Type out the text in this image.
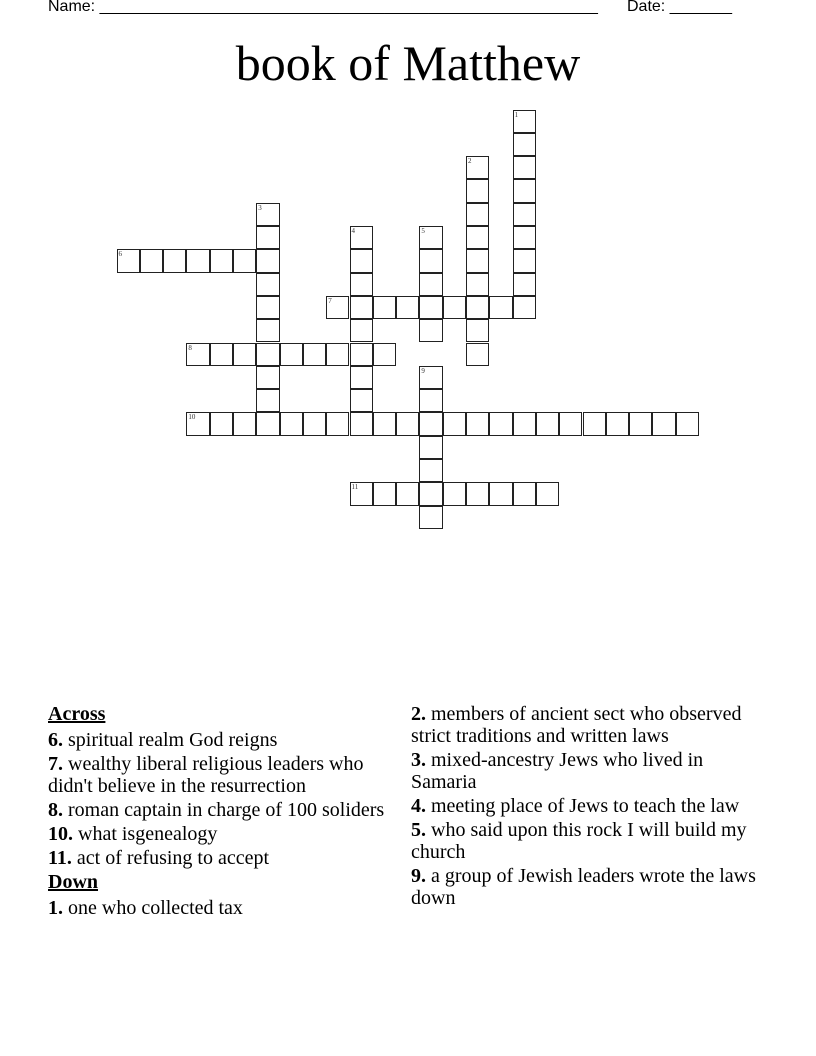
Name: ________________________________________________________

Date: _______

book of Matthew
1
2
3
4	5
6
7
8
9
10
11
Across
6. spiritual realm God reigns
7. wealthy liberal religious leaders who didn't believe in the resurrection
8. roman captain in charge of 100 soliders
10. what isgenealogy
11. act of refusing to accept
Down
1. one who collected tax
2. members of ancient sect who observed strict traditions and written laws
3. mixed-ancestry Jews who lived in Samaria
4. meeting place of Jews to teach the law
5. who said upon this rock I will build my church
9. a group of Jewish leaders wrote the laws down
